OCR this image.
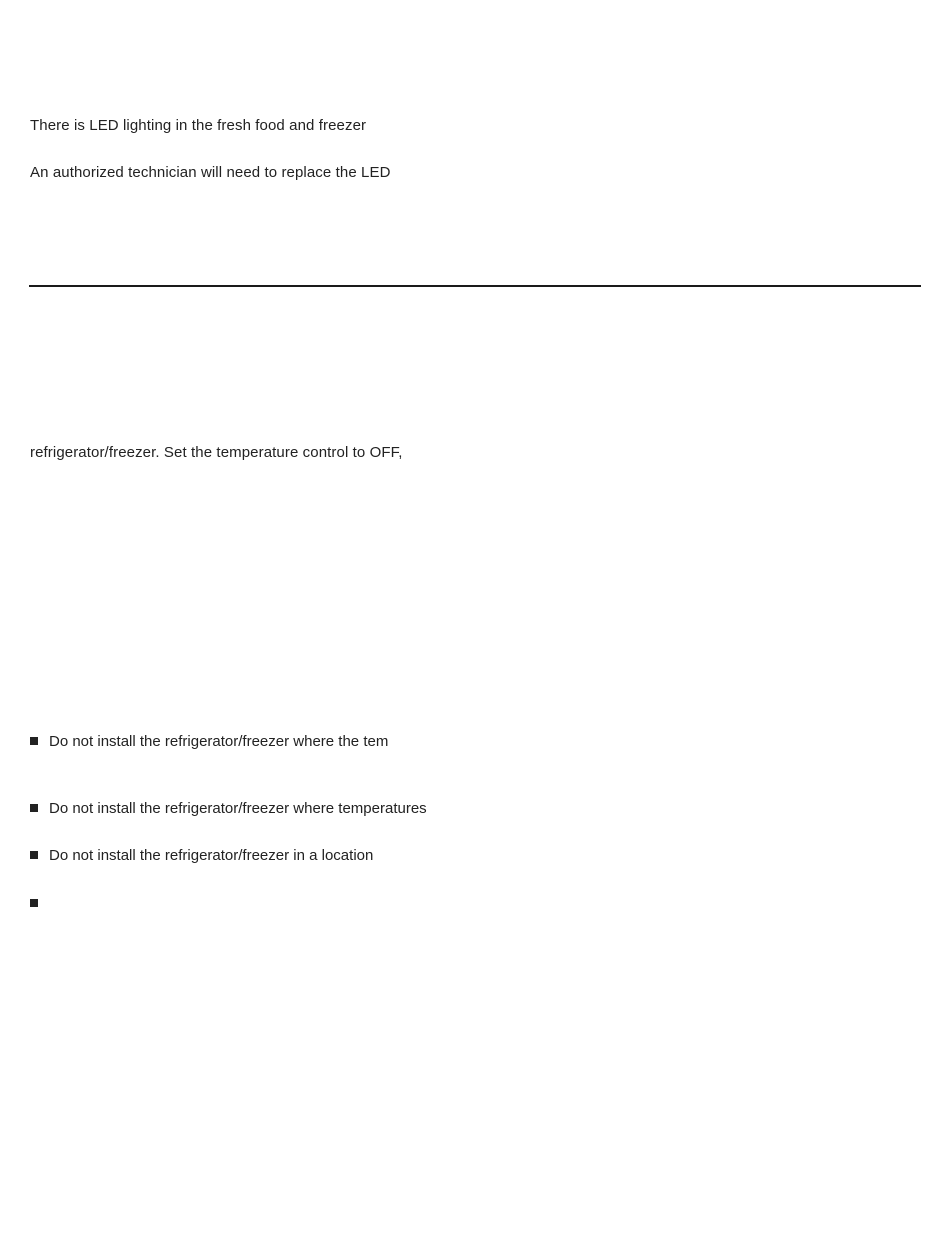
There is LED lighting in the fresh food and freezer
An authorized technician will need to replace the LED
refrigerator/freezer. Set the temperature control to OFF,
Do not install the refrigerator/freezer where the tem
Do not install the refrigerator/freezer where temperatures
Do not install the refrigerator/freezer in a location
